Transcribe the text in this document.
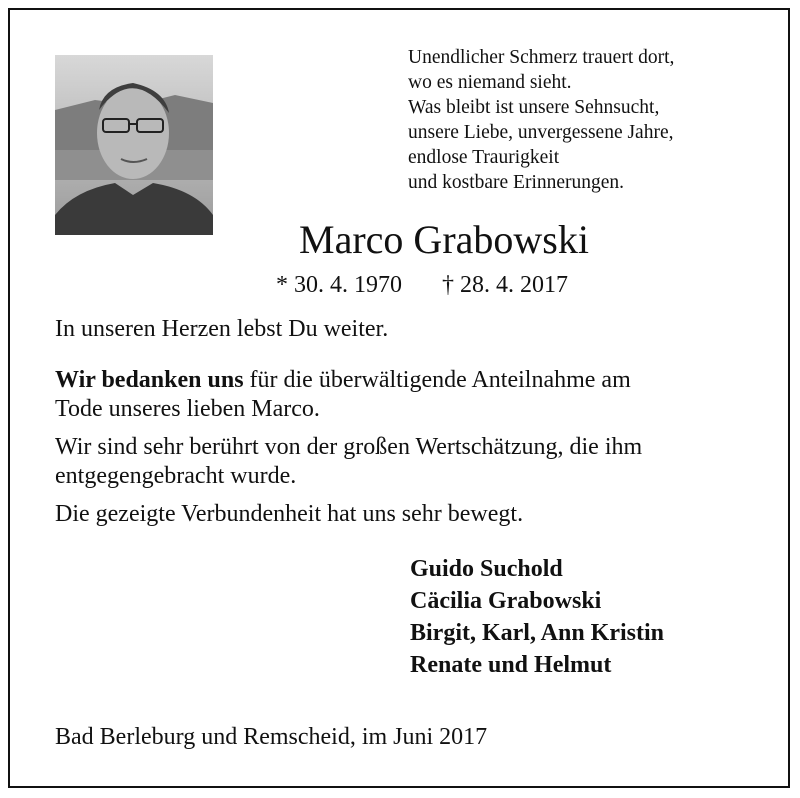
Unendlicher Schmerz trauert dort,
wo es niemand sieht.
Was bleibt ist unsere Sehnsucht,
unsere Liebe, unvergessene Jahre,
endlose Traurigkeit
und kostbare Erinnerungen.
Marco Grabowski
* 30. 4. 1970 † 28. 4. 2017

In unseren Herzen lebst Du weiter.

Wir bedanken uns für die überwältigende Anteilnahme am
Tode unseres lieben Marco.

Wir sind sehr berührt von der großen Wertschätzung, die ihm
entgegengebracht wurde.

Die gezeigte Verbundenheit hat uns sehr bewegt.

Guido Suchold
Cäcilia Grabowski
Birgit, Karl, Ann Kristin
Renate und Helmut
Bad Berleburg und Remscheid, im Juni 2017
